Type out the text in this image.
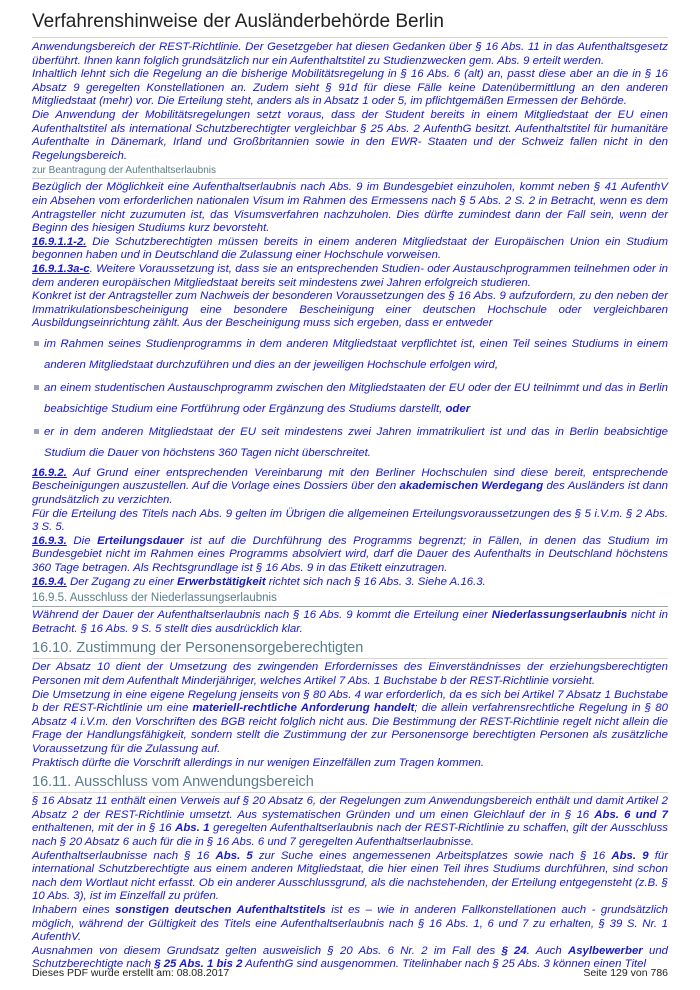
Verfahrenshinweise der Ausländerbehörde Berlin

Anwendungsbereich der REST-Richtlinie. Der Gesetzgeber hat diesen Gedanken über § 16 Abs. 11 in das Aufenthaltsgesetz überführt. Ihnen kann folglich grundsätzlich nur ein Aufenthaltstitel zu Studienzwecken gem. Abs. 9 erteilt werden.

Inhaltlich lehnt sich die Regelung an die bisherige Mobilitätsregelung in § 16 Abs. 6 (alt) an, passt diese aber an die in § 16 Absatz 9 geregelten Konstellationen an. Zudem sieht § 91d für diese Fälle keine Datenübermittlung an den anderen Mitgliedstaat (mehr) vor. Die Erteilung steht, anders als in Absatz 1 oder 5, im pflichtgemäßen Ermessen der Behörde.

Die Anwendung der Mobilitätsregelungen setzt voraus, dass der Student bereits in einem Mitgliedstaat der EU einen Aufenthaltstitel als international Schutzberechtigter vergleichbar § 25 Abs. 2 AufenthG besitzt. Aufenthaltstitel für humanitäre Aufenthalte in Dänemark, Irland und Großbritannien sowie in den EWR- Staaten und der Schweiz fallen nicht in den Regelungsbereich.

zur Beantragung der Aufenthaltserlaubnis

Bezüglich der Möglichkeit eine Aufenthaltserlaubnis nach Abs. 9 im Bundesgebiet einzuholen, kommt neben § 41 AufenthV ein Absehen vom erforderlichen nationalen Visum im Rahmen des Ermessens nach § 5 Abs. 2 S. 2 in Betracht, wenn es dem Antragsteller nicht zuzumuten ist, das Visumsverfahren nachzuholen. Dies dürfte zumindest dann der Fall sein, wenn der Beginn des hiesigen Studiums kurz bevorsteht.

16.9.1.1-2. Die Schutzberechtigten müssen bereits in einem anderen Mitgliedstaat der Europäischen Union ein Studium begonnen haben und in Deutschland die Zulassung einer Hochschule vorweisen.

16.9.1.3a-c. Weitere Voraussetzung ist, dass sie an entsprechenden Studien- oder Austauschprogrammen teilnehmen oder in dem anderen europäischen Mitgliedstaat bereits seit mindestens zwei Jahren erfolgreich studieren.

Konkret ist der Antragsteller zum Nachweis der besonderen Voraussetzungen des § 16 Abs. 9 aufzufordern, zu den neben der Immatrikulationsbescheinigung eine besondere Bescheinigung einer deutschen Hochschule oder vergleichbaren Ausbildungseinrichtung zählt. Aus der Bescheinigung muss sich ergeben, dass er entweder

im Rahmen seines Studienprogramms in dem anderen Mitgliedstaat verpflichtet ist, einen Teil seines Studiums in einem anderen Mitgliedstaat durchzuführen und dies an der jeweiligen Hochschule erfolgen wird,
an einem studentischen Austauschprogramm zwischen den Mitgliedstaaten der EU oder der EU teilnimmt und das in Berlin beabsichtige Studium eine Fortführung oder Ergänzung des Studiums darstellt, oder
er in dem anderen Mitgliedstaat der EU seit mindestens zwei Jahren immatrikuliert ist und das in Berlin beabsichtige Studium die Dauer von höchstens 360 Tagen nicht überschreitet.

16.9.2. Auf Grund einer entsprechenden Vereinbarung mit den Berliner Hochschulen sind diese bereit, entsprechende Bescheinigungen auszustellen. Auf die Vorlage eines Dossiers über den akademischen Werdegang des Ausländers ist dann grundsätzlich zu verzichten.

Für die Erteilung des Titels nach Abs. 9 gelten im Übrigen die allgemeinen Erteilungsvoraussetzungen des § 5 i.V.m. § 2 Abs. 3 S. 5.

16.9.3. Die Erteilungsdauer ist auf die Durchführung des Programms begrenzt; in Fällen, in denen das Studium im Bundesgebiet nicht im Rahmen eines Programms absolviert wird, darf die Dauer des Aufenthalts in Deutschland höchstens 360 Tage betragen. Als Rechtsgrundlage ist § 16 Abs. 9 in das Etikett einzutragen.

16.9.4. Der Zugang zu einer Erwerbstätigkeit richtet sich nach § 16 Abs. 3. Siehe A.16.3.

16.9.5. Ausschluss der Niederlassungserlaubnis

Während der Dauer der Aufenthaltserlaubnis nach § 16 Abs. 9 kommt die Erteilung einer Niederlassungserlaubnis nicht in Betracht. § 16 Abs. 9 S. 5 stellt dies ausdrücklich klar.

16.10. Zustimmung der Personensorgeberechtigten

Der Absatz 10 dient der Umsetzung des zwingenden Erfordernisses des Einverständnisses der erziehungsberechtigten Personen mit dem Aufenthalt Minderjähriger, welches Artikel 7 Abs. 1 Buchstabe b der REST-Richtlinie vorsieht.

Die Umsetzung in eine eigene Regelung jenseits von § 80 Abs. 4 war erforderlich, da es sich bei Artikel 7 Absatz 1 Buchstabe b der REST-Richtlinie um eine materiell-rechtliche Anforderung handelt; die allein verfahrensrechtliche Regelung in § 80 Absatz 4 i.V.m. den Vorschriften des BGB reicht folglich nicht aus. Die Bestimmung der REST-Richtlinie regelt nicht allein die Frage der Handlungsfähigkeit, sondern stellt die Zustimmung der zur Personensorge berechtigten Personen als zusätzliche Voraussetzung für die Zulassung auf.

Praktisch dürfte die Vorschrift allerdings in nur wenigen Einzelfällen zum Tragen kommen.

16.11. Ausschluss vom Anwendungsbereich

§ 16 Absatz 11 enthält einen Verweis auf § 20 Absatz 6, der Regelungen zum Anwendungsbereich enthält und damit Artikel 2 Absatz 2 der REST-Richtlinie umsetzt. Aus systematischen Gründen und um einen Gleichlauf der in § 16 Abs. 6 und 7 enthaltenen, mit der in § 16 Abs. 1 geregelten Aufenthaltserlaubnis nach der REST-Richtlinie zu schaffen, gilt der Ausschluss nach § 20 Absatz 6 auch für die in § 16 Abs. 6 und 7 geregelten Aufenthaltserlaubnisse.

Aufenthaltserlaubnisse nach § 16 Abs. 5 zur Suche eines angemessenen Arbeitsplatzes sowie nach § 16 Abs. 9 für international Schutzberechtigte aus einem anderen Mitgliedstaat, die hier einen Teil ihres Studiums durchführen, sind schon nach dem Wortlaut nicht erfasst. Ob ein anderer Ausschlussgrund, als die nachstehenden, der Erteilung entgegensteht (z.B. § 10 Abs. 3), ist im Einzelfall zu prüfen.

Inhabern eines sonstigen deutschen Aufenthaltstitels ist es – wie in anderen Fallkonstellationen auch - grundsätzlich möglich, während der Gültigkeit des Titels eine Aufenthaltserlaubnis nach § 16 Abs. 1, 6 und 7 zu erhalten, § 39 S. Nr. 1 AufenthV.

Ausnahmen von diesem Grundsatz gelten ausweislich § 20 Abs. 6 Nr. 2 im Fall des § 24. Auch Asylbewerber und Schutzberechtigte nach § 25 Abs. 1 bis 2 AufenthG sind ausgenommen. Titelinhaber nach § 25 Abs. 3 können einen Titel

Dieses PDF wurde erstellt am: 08.08.2017	Seite 129 von 786
